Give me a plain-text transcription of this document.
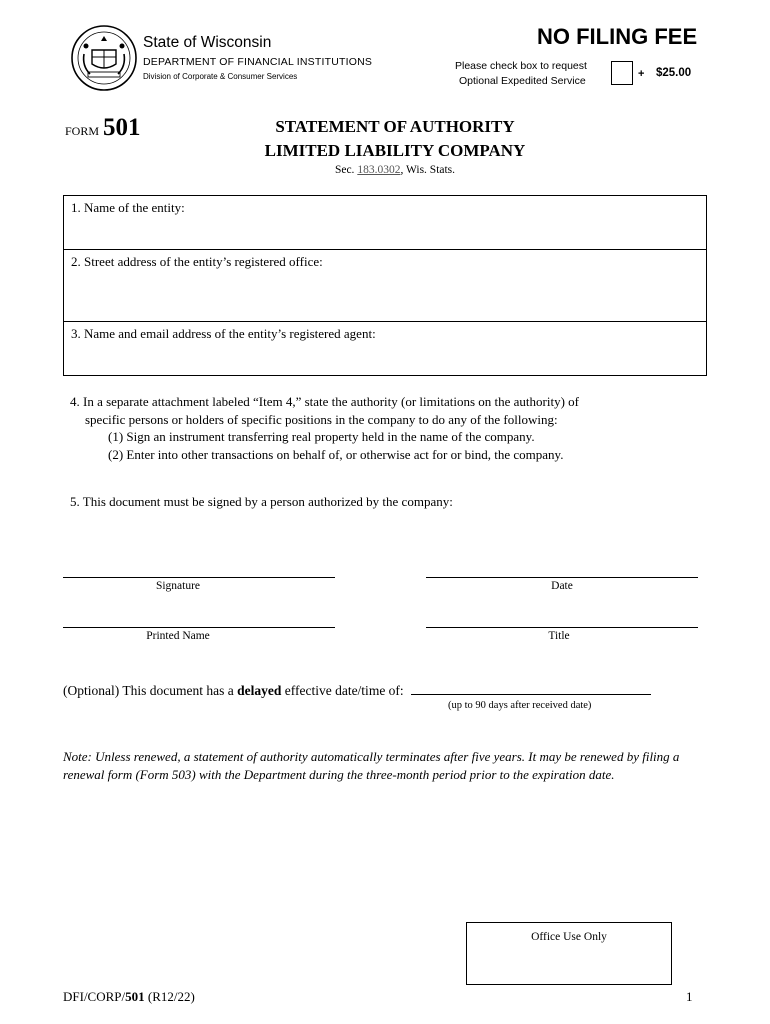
State of Wisconsin
DEPARTMENT OF FINANCIAL INSTITUTIONS
Division of Corporate & Consumer Services
NO FILING FEE
Please check box to request
Optional Expedited Service
+ $25.00
FORM 501	STATEMENT OF AUTHORITY
LIMITED LIABILITY COMPANY
Sec. 183.0302, Wis. Stats.
1. Name of the entity:
2. Street address of the entity’s registered office:
3. Name and email address of the entity’s registered agent:
4. In a separate attachment labeled “Item 4,” state the authority (or limitations on the authority) of
specific persons or holders of specific positions in the company to do any of the following:
(1) Sign an instrument transferring real property held in the name of the company.
(2) Enter into other transactions on behalf of, or otherwise act for or bind, the company.
5. This document must be signed by a person authorized by the company:
Signature	Date
Printed Name	Title
(Optional) This document has a delayed effective date/time of:
(up to 90 days after received date)
Note: Unless renewed, a statement of authority automatically terminates after five years. It may be renewed by filing a renewal form (Form 503) with the Department during the three-month period prior to the expiration date.
Office Use Only
DFI/CORP/501 (R12/22)	1
